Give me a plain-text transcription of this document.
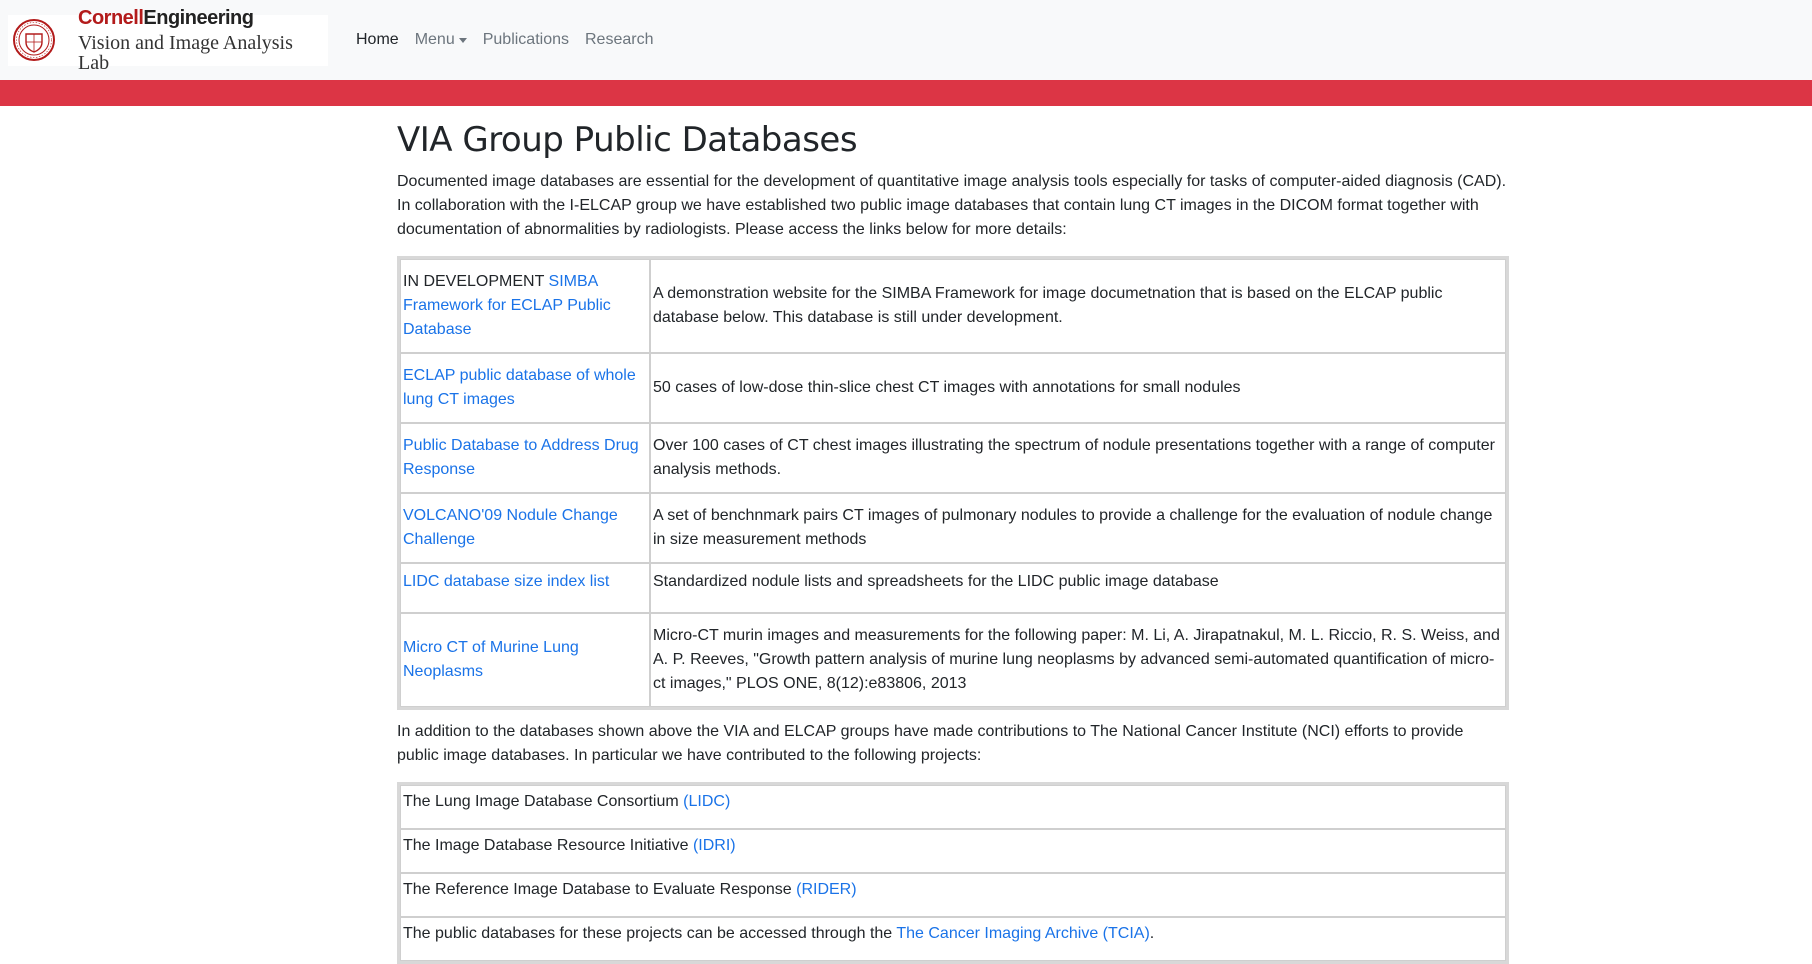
CornellEngineering
Vision and Image Analysis Lab
Home	Menu	Publications	Research
VIA Group Public Databases

Documented image databases are essential for the development of quantitative image analysis tools especially for tasks of computer-aided diagnosis (CAD). In collaboration with the I-ELCAP group we have established two public image databases that contain lung CT images in the DICOM format together with documentation of abnormalities by radiologists. Please access the links below for more details:

IN DEVELOPMENT SIMBA Framework for ECLAP Public Database	A demonstration website for the SIMBA Framework for image documetnation that is based on the ELCAP public database below. This database is still under development.
ECLAP public database of whole lung CT images	50 cases of low-dose thin-slice chest CT images with annotations for small nodules
Public Database to Address Drug Response	Over 100 cases of CT chest images illustrating the spectrum of nodule presentations together with a range of computer analysis methods.
VOLCANO'09 Nodule Change Challenge	A set of benchnmark pairs CT images of pulmonary nodules to provide a challenge for the evaluation of nodule change in size measurement methods
LIDC database size index list	Standardized nodule lists and spreadsheets for the LIDC public image database
Micro CT of Murine Lung Neoplasms	Micro-CT murin images and measurements for the following paper: M. Li, A. Jirapatnakul, M. L. Riccio, R. S. Weiss, and A. P. Reeves, "Growth pattern analysis of murine lung neoplasms by advanced semi-automated quantification of micro-ct images," PLOS ONE, 8(12):e83806, 2013

In addition to the databases shown above the VIA and ELCAP groups have made contributions to The National Cancer Institute (NCI) efforts to provide public image databases. In particular we have contributed to the following projects:

The Lung Image Database Consortium (LIDC)
The Image Database Resource Initiative (IDRI)
The Reference Image Database to Evaluate Response (RIDER)
The public databases for these projects can be accessed through the The Cancer Imaging Archive (TCIA).
